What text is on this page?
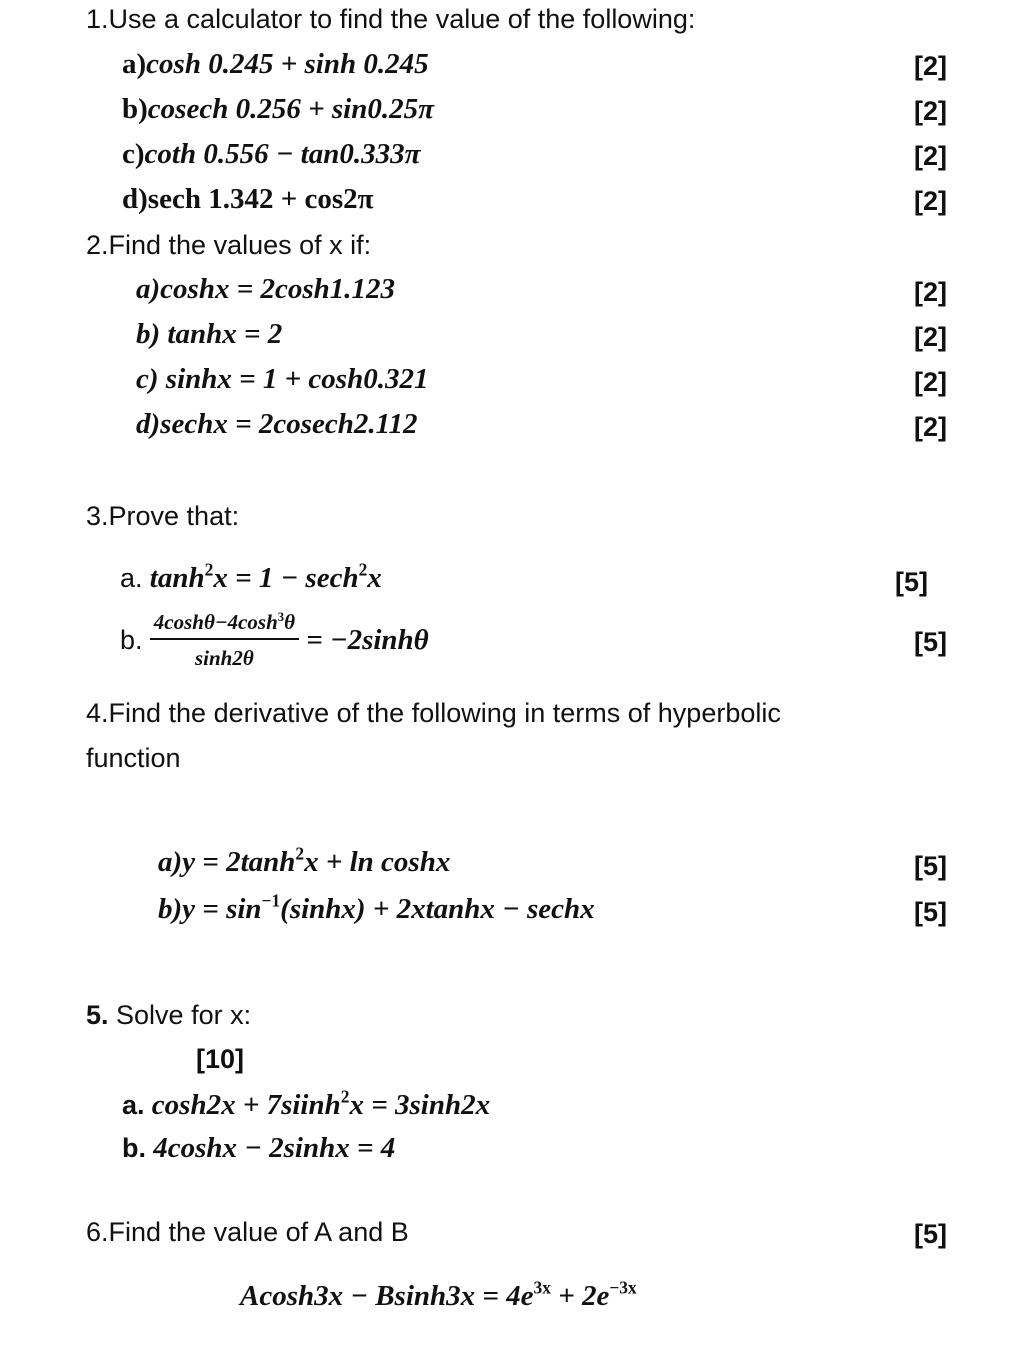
1.Use a calculator to find the value of the following:
a)cosh 0.245 + sinh 0.245	[2]
b)cosech 0.256 + sin0.25π	[2]
c)coth 0.556 − tan0.333π	[2]
d)sech 1.342 + cos2π	[2]
2.Find the values of x if:
a)coshx = 2cosh1.123	[2]
b) tanhx = 2	[2]
c) sinhx = 1 + cosh0.321	[2]
d)sechx = 2cosech2.112	[2]
3.Prove that:
a. $\tanh^2x = 1 - \sec h^2x$	[5]
b. $\frac{4\cosh\theta-4\cosh^3\theta}{\sinh 2\theta} = -2\sinh\theta$	[5]
4.Find the derivative of the following in terms of hyperbolic
function
$a)y = 2\tanh^2x + \ln \cosh x$	[5]
$b)y = \sin^{-1}(\sinh x) + 2xtanhx$ − sechx	[5]
5. Solve for x:
[10]
a. cosh2x + 7siinh$^2$x = 3sinh2x
b. 4coshx − 2sinhx = 4
6.Find the value of A and B	[5]
$Acosh3x - Bsinh3x = 4e^{3x} + 2e^{-3x}$
